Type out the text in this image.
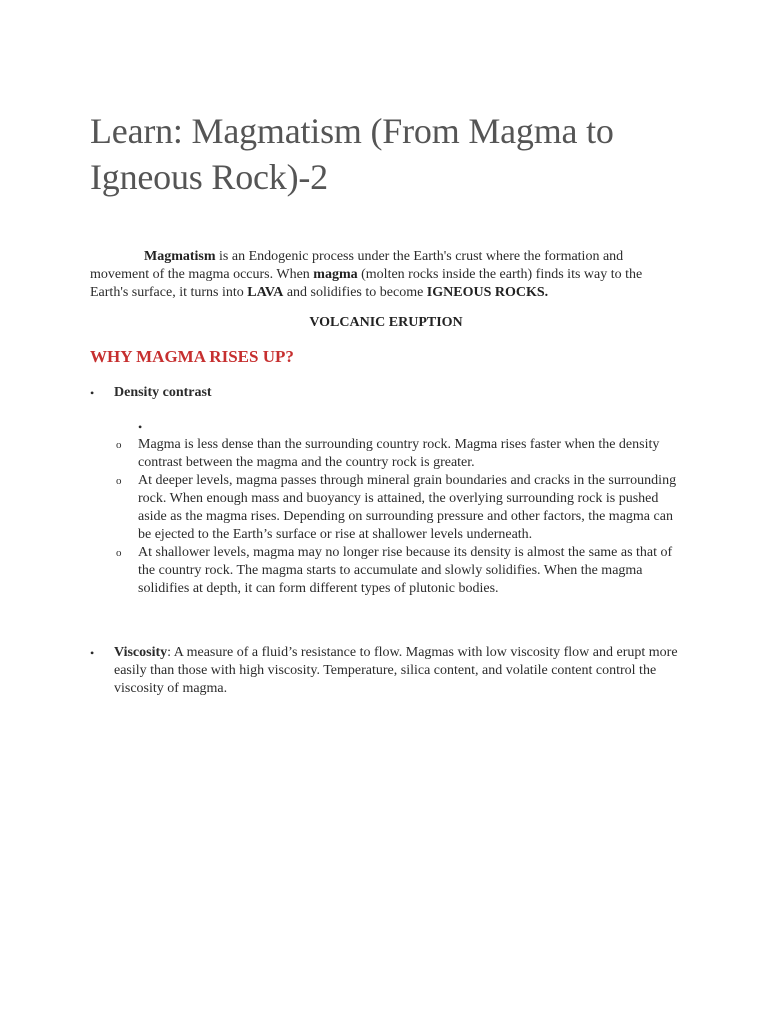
Learn: Magmatism (From Magma to Igneous Rock)-2

Magmatism is an Endogenic process under the Earth's crust where the formation and movement of the magma occurs. When magma (molten rocks inside the earth) finds its way to the Earth's surface, it turns into LAVA and solidifies to become IGNEOUS ROCKS.

VOLCANIC ERUPTION
WHY MAGMA RISES UP?
• Density contrast
•
o Magma is less dense than the surrounding country rock. Magma rises faster when the density contrast between the magma and the country rock is greater.
o At deeper levels, magma passes through mineral grain boundaries and cracks in the surrounding rock. When enough mass and buoyancy is attained, the overlying surrounding rock is pushed aside as the magma rises. Depending on surrounding pressure and other factors, the magma can be ejected to the Earth’s surface or rise at shallower levels underneath.
o At shallower levels, magma may no longer rise because its density is almost the same as that of the country rock. The magma starts to accumulate and slowly solidifies. When the magma solidifies at depth, it can form different types of plutonic bodies.
• Viscosity: A measure of a fluid’s resistance to flow. Magmas with low viscosity flow and erupt more easily than those with high viscosity. Temperature, silica content, and volatile content control the viscosity of magma.
